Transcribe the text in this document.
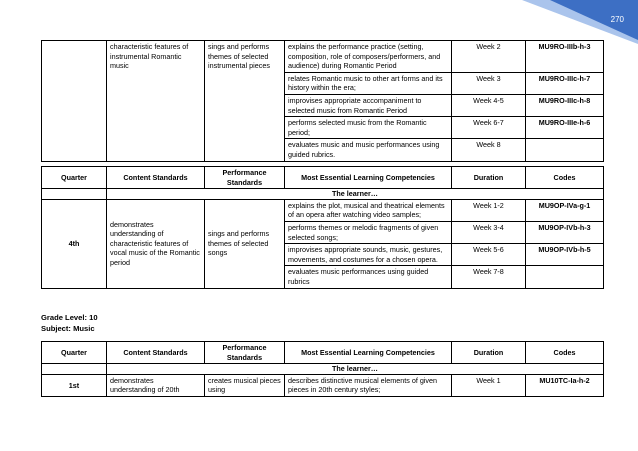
270
	characteristic features of instrumental Romantic music	sings and performs themes of selected instrumental pieces	explains the performance practice (setting, composition, role of composers/performers, and audience) during Romantic Period	Week 2	MU9RO-IIIb-h-3
			relates Romantic music to other art forms and its history within the era;	Week 3	MU9RO-IIIc-h-7
			improvises appropriate accompaniment to selected music from Romantic Period	Week 4-5	MU9RO-IIIc-h-8
			performs selected music from the Romantic period;	Week 6-7	MU9RO-IIIe-h-6
			evaluates music and music performances using guided rubrics.	Week 8	
Quarter	Content Standards	Performance Standards	Most Essential Learning Competencies	Duration	Codes
	The learner…				
4th	demonstrates understanding of characteristic features of vocal music of the Romantic period	sings and performs themes of selected songs	explains the plot, musical and theatrical elements of an opera after watching video samples;	Week 1-2	MU9OP-IVa-g-1
			performs themes or melodic fragments of given selected songs;	Week 3-4	MU9OP-IVb-h-3
			improvises appropriate sounds, music, gestures, movements, and costumes for a chosen opera.	Week 5-6	MU9OP-IVb-h-5
			evaluates music performances using guided rubrics	Week 7-8	
Grade Level: 10
Subject: Music
Quarter	Content Standards	Performance Standards	Most Essential Learning Competencies	Duration	Codes
	The learner…				
1st	demonstrates understanding of 20th	creates musical pieces using	describes distinctive musical elements of given pieces in 20th century styles;	Week 1	MU10TC-Ia-h-2
